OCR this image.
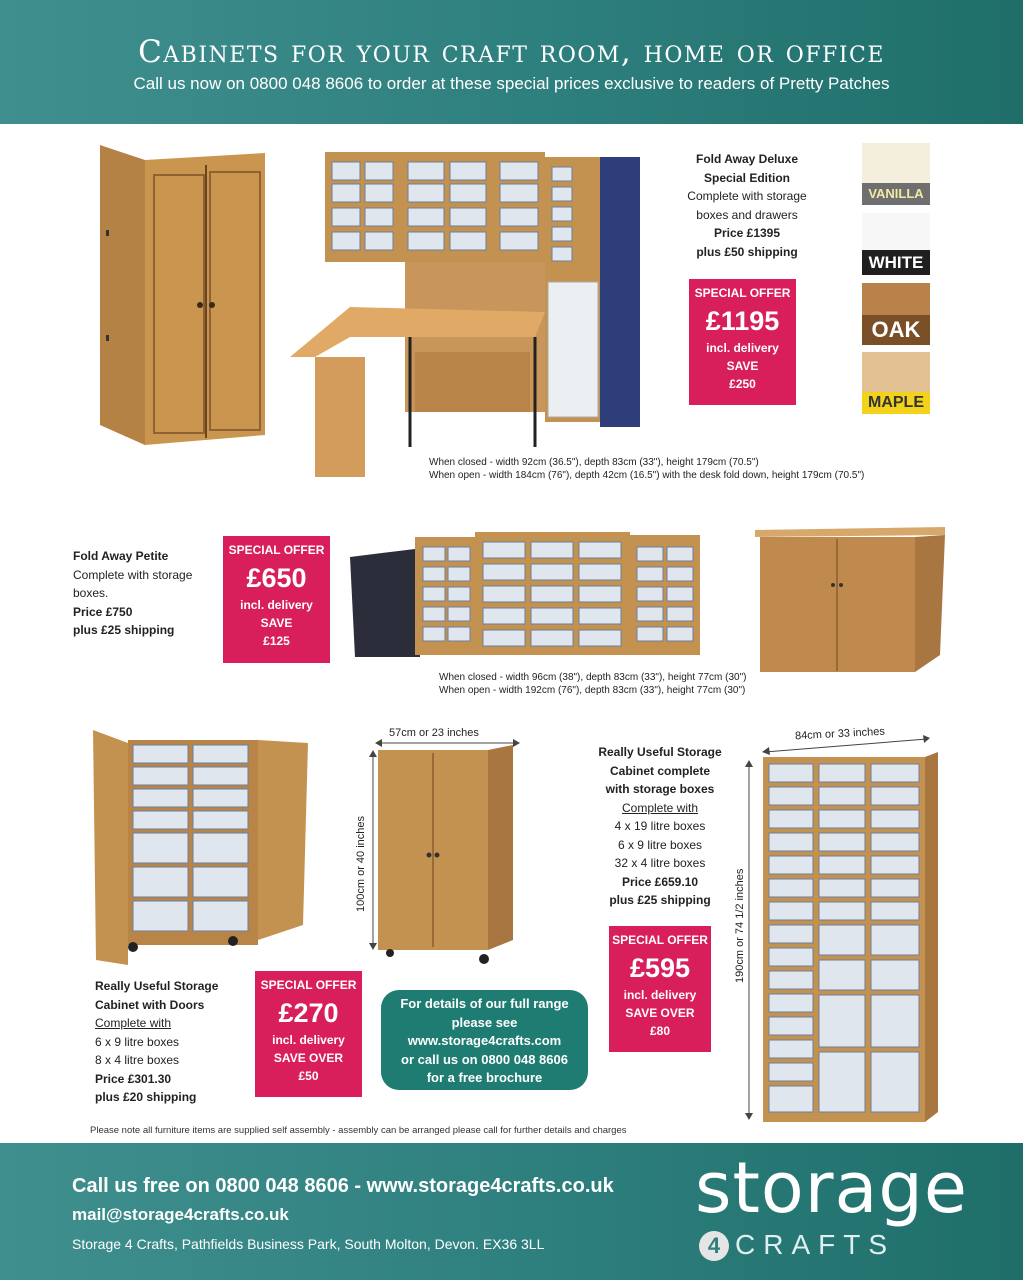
Cabinets for your craft room, home or office
Call us now on 0800 048 8606 to order at these special prices exclusive to readers of Pretty Patches
Fold Away Deluxe
Special Edition
Complete with storage
boxes and drawers
Price £1395
plus £50 shipping
SPECIAL OFFER
£1195
incl. delivery
SAVE
£250
VANILLA
WHITE
OAK
MAPLE
When closed - width 92cm (36.5"), depth 83cm (33"), height 179cm (70.5")
When open - width 184cm (76"), depth 42cm (16.5") with the desk fold down, height 179cm (70.5")
Fold Away Petite
Complete with storage
boxes.
Price £750
plus £25 shipping
SPECIAL OFFER
£650
incl. delivery
SAVE
£125
When closed - width 96cm (38"), depth 83cm (33"), height 77cm (30")
When open - width 192cm (76"), depth 83cm (33"), height 77cm (30")
Really Useful Storage
Cabinet with Doors
Complete with
6 x 9 litre boxes
8 x 4 litre boxes
Price £301.30
plus £20 shipping
SPECIAL OFFER
£270
incl. delivery
SAVE OVER
£50
57cm or 23 inches
100cm or 40 inches
For details of our full range
please see
www.storage4crafts.com
or call us on 0800 048 8606
for a free brochure
Really Useful Storage
Cabinet complete
with storage boxes
Complete with
4 x 19 litre boxes
6 x 9 litre boxes
32 x 4 litre boxes
Price £659.10
plus £25 shipping
SPECIAL OFFER
£595
incl. delivery
SAVE OVER
£80
84cm or 33 inches
190cm or 74 1/2 inches
Please note all furniture items are supplied self assembly - assembly can be arranged please call for further details and charges
Call us free on 0800 048 8606 - www.storage4crafts.co.uk
mail@storage4crafts.co.uk
Storage 4 Crafts, Pathfields Business Park, South Molton, Devon. EX36 3LL
storage
4 CRAFTS
